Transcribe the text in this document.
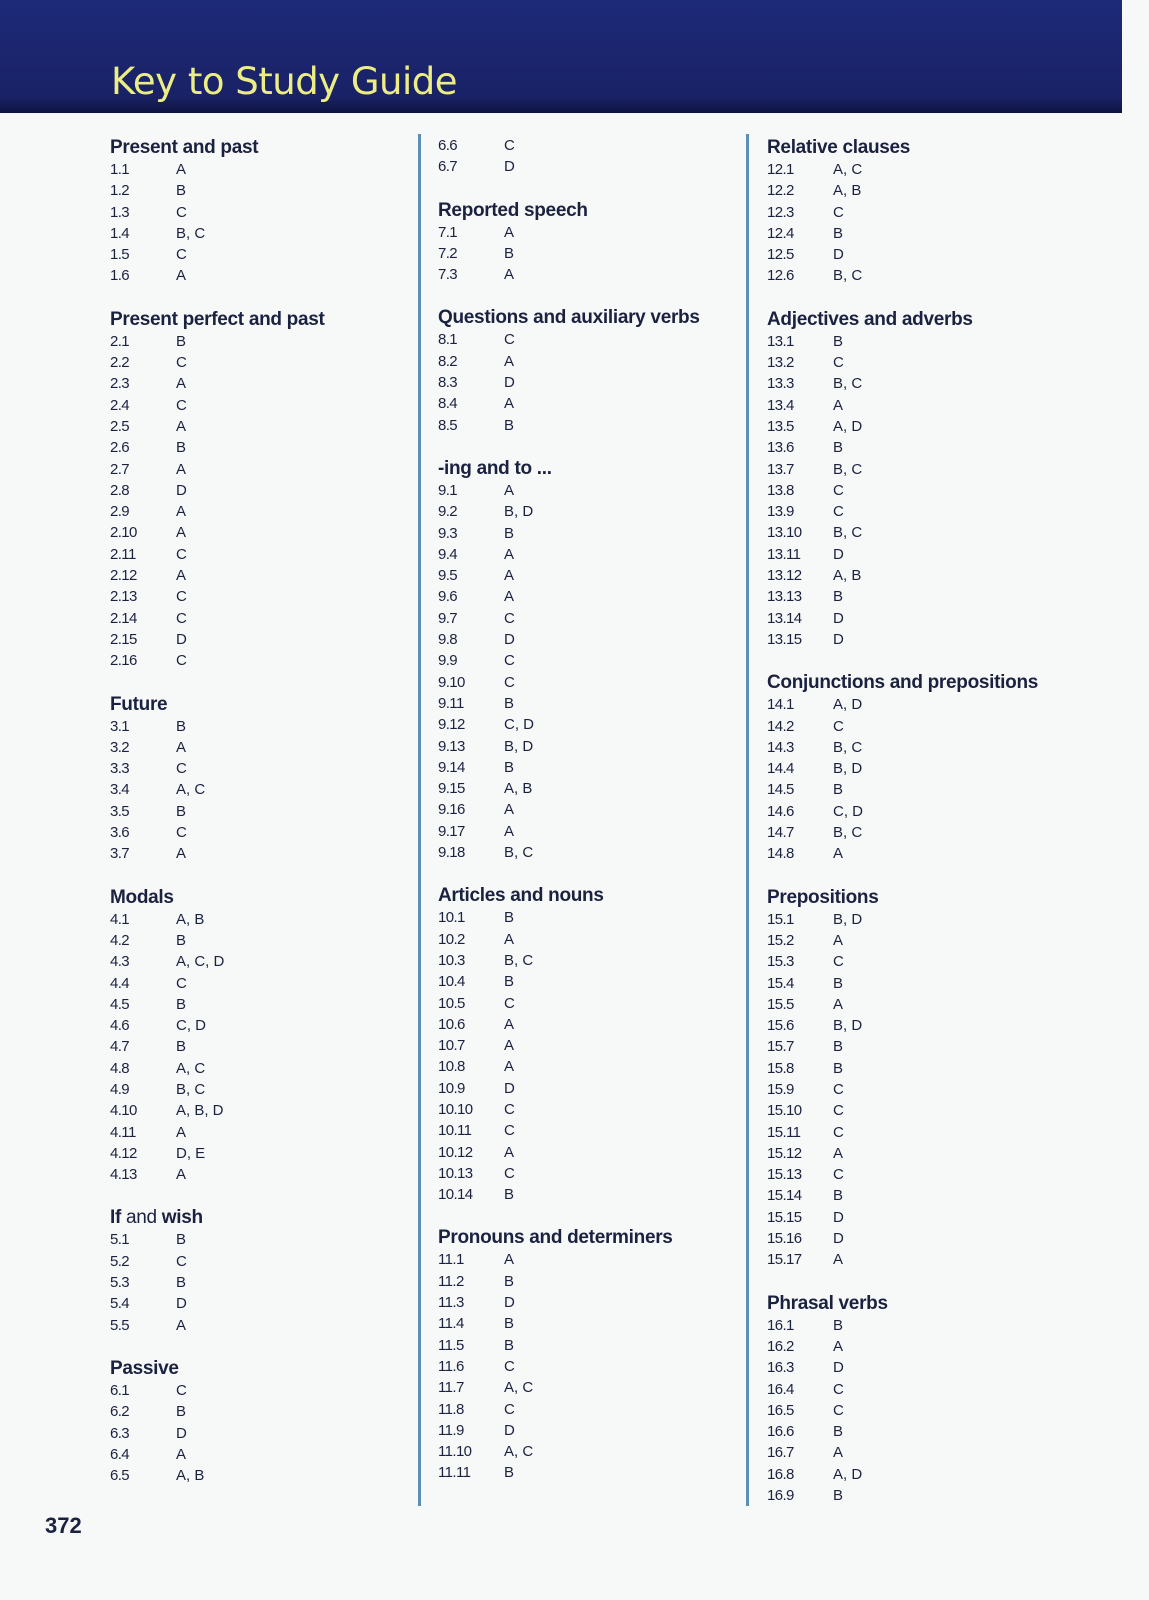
Key to Study Guide
Present and past
1.1	A
1.2	B
1.3	C
1.4	B, C
1.5	C
1.6	A
Present perfect and past
2.1	B
2.2	C
2.3	A
2.4	C
2.5	A
2.6	B
2.7	A
2.8	D
2.9	A
2.10	A
2.11	C
2.12	A
2.13	C
2.14	C
2.15	D
2.16	C
Future
3.1	B
3.2	A
3.3	C
3.4	A, C
3.5	B
3.6	C
3.7	A
Modals
4.1	A, B
4.2	B
4.3	A, C, D
4.4	C
4.5	B
4.6	C, D
4.7	B
4.8	A, C
4.9	B, C
4.10	A, B, D
4.11	A
4.12	D, E
4.13	A
If and wish
5.1	B
5.2	C
5.3	B
5.4	D
5.5	A
Passive
6.1	C
6.2	B
6.3	D
6.4	A
6.5	A, B
6.6	C
6.7	D
Reported speech
7.1	A
7.2	B
7.3	A
Questions and auxiliary verbs
8.1	C
8.2	A
8.3	D
8.4	A
8.5	B
-ing and to ...
9.1	A
9.2	B, D
9.3	B
9.4	A
9.5	A
9.6	A
9.7	C
9.8	D
9.9	C
9.10	C
9.11	B
9.12	C, D
9.13	B, D
9.14	B
9.15	A, B
9.16	A
9.17	A
9.18	B, C
Articles and nouns
10.1	B
10.2	A
10.3	B, C
10.4	B
10.5	C
10.6	A
10.7	A
10.8	A
10.9	D
10.10	C
10.11	C
10.12	A
10.13	C
10.14	B
Pronouns and determiners
11.1	A
11.2	B
11.3	D
11.4	B
11.5	B
11.6	C
11.7	A, C
11.8	C
11.9	D
11.10	A, C
11.11	B
Relative clauses
12.1	A, C
12.2	A, B
12.3	C
12.4	B
12.5	D
12.6	B, C
Adjectives and adverbs
13.1	B
13.2	C
13.3	B, C
13.4	A
13.5	A, D
13.6	B
13.7	B, C
13.8	C
13.9	C
13.10	B, C
13.11	D
13.12	A, B
13.13	B
13.14	D
13.15	D
Conjunctions and prepositions
14.1	A, D
14.2	C
14.3	B, C
14.4	B, D
14.5	B
14.6	C, D
14.7	B, C
14.8	A
Prepositions
15.1	B, D
15.2	A
15.3	C
15.4	B
15.5	A
15.6	B, D
15.7	B
15.8	B
15.9	C
15.10	C
15.11	C
15.12	A
15.13	C
15.14	B
15.15	D
15.16	D
15.17	A
Phrasal verbs
16.1	B
16.2	A
16.3	D
16.4	C
16.5	C
16.6	B
16.7	A
16.8	A, D
16.9	B
372
